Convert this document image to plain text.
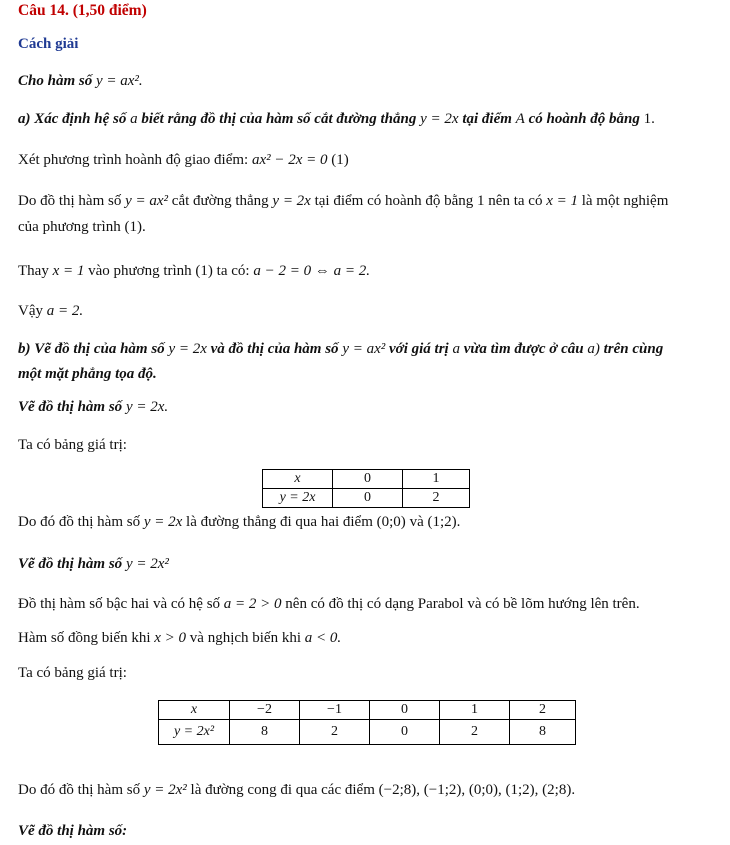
Câu 14. (1,50 điểm)
Cách giải
Cho hàm số y = ax².
a) Xác định hệ số a biết rằng đồ thị của hàm số cắt đường thẳng y = 2x tại điểm A có hoành độ bằng 1.
Xét phương trình hoành độ giao điểm: ax² − 2x = 0 (1)
Do đồ thị hàm số y = ax² cắt đường thẳng y = 2x tại điểm có hoành độ bằng 1 nên ta có x = 1 là một nghiệm
của phương trình (1).
Thay x = 1 vào phương trình (1) ta có: a − 2 = 0 ⇔ a = 2.
Vậy a = 2.
b) Vẽ đồ thị của hàm số y = 2x và đồ thị của hàm số y = ax² với giá trị a vừa tìm được ở câu a) trên cùng
một mặt phẳng tọa độ.
Vẽ đồ thị hàm số y = 2x.
Ta có bảng giá trị:
x	0	1
y = 2x	0	2
Do đó đồ thị hàm số y = 2x là đường thẳng đi qua hai điểm (0;0) và (1;2).
Vẽ đồ thị hàm số y = 2x²
Đồ thị hàm số bậc hai và có hệ số a = 2 > 0 nên có đồ thị có dạng Parabol và có bề lõm hướng lên trên.
Hàm số đồng biến khi x > 0 và nghịch biến khi a < 0.
Ta có bảng giá trị:
x	−2	−1	0	1	2
y = 2x²	8	2	0	2	8
Do đó đồ thị hàm số y = 2x² là đường cong đi qua các điểm (−2;8), (−1;2), (0;0), (1;2), (2;8).
Vẽ đồ thị hàm số:
